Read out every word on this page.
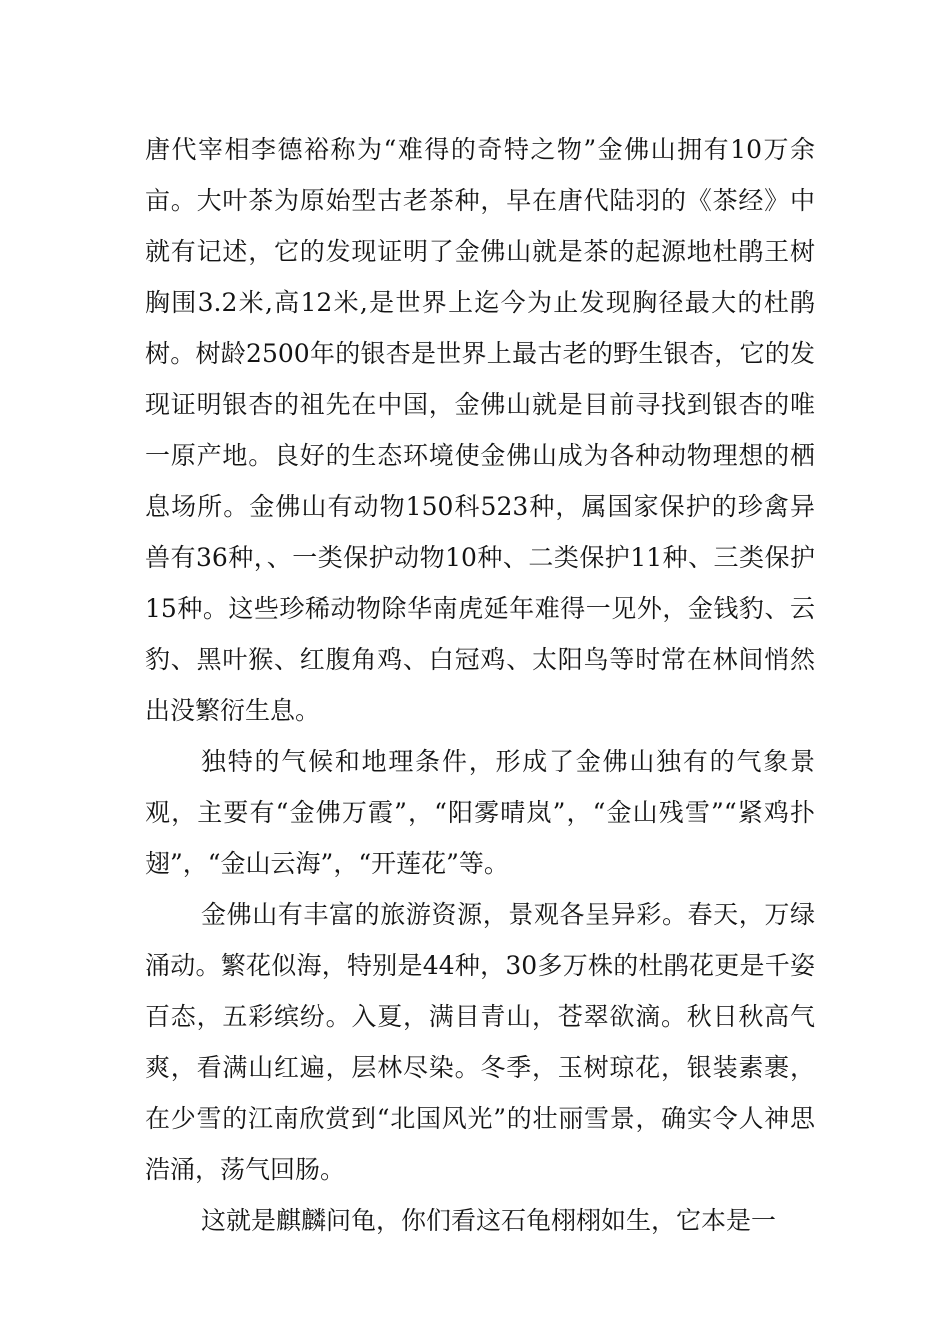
唐代宰相李德裕称为“难得的奇特之物”金佛山拥有10万余亩。大叶茶为原始型古老茶种，早在唐代陆羽的《茶经》中就有记述，它的发现证明了金佛山就是茶的起源地杜鹃王树胸围3.2米,高12米,是世界上迄今为止发现胸径最大的杜鹃树。树龄2500年的银杏是世界上最古老的野生银杏，它的发现证明银杏的祖先在中国，金佛山就是目前寻找到银杏的唯一原产地。良好的生态环境使金佛山成为各种动物理想的栖息场所。金佛山有动物150科523种，属国家保护的珍禽异兽有36种，、一类保护动物10种、二类保护11种、三类保护15种。这些珍稀动物除华南虎延年难得一见外，金钱豹、云豹、黑叶猴、红腹角鸡、白冠鸡、太阳鸟等时常在林间悄然出没繁衍生息。

独特的气候和地理条件，形成了金佛山独有的气象景观，主要有“金佛万霞”，“阳雾晴岚”，“金山残雪”“紧鸡扑翅”，“金山云海”，“开莲花”等。

金佛山有丰富的旅游资源，景观各呈异彩。春天，万绿涌动。繁花似海，特别是44种，30多万株的杜鹃花更是千姿百态，五彩缤纷。入夏，满目青山，苍翠欲滴。秋日秋高气爽，看满山红遍，层林尽染。冬季，玉树琼花，银装素裹，在少雪的江南欣赏到“北国风光”的壮丽雪景，确实令人神思浩涌，荡气回肠。

这就是麒麟问龟，你们看这石龟栩栩如生，它本是一
